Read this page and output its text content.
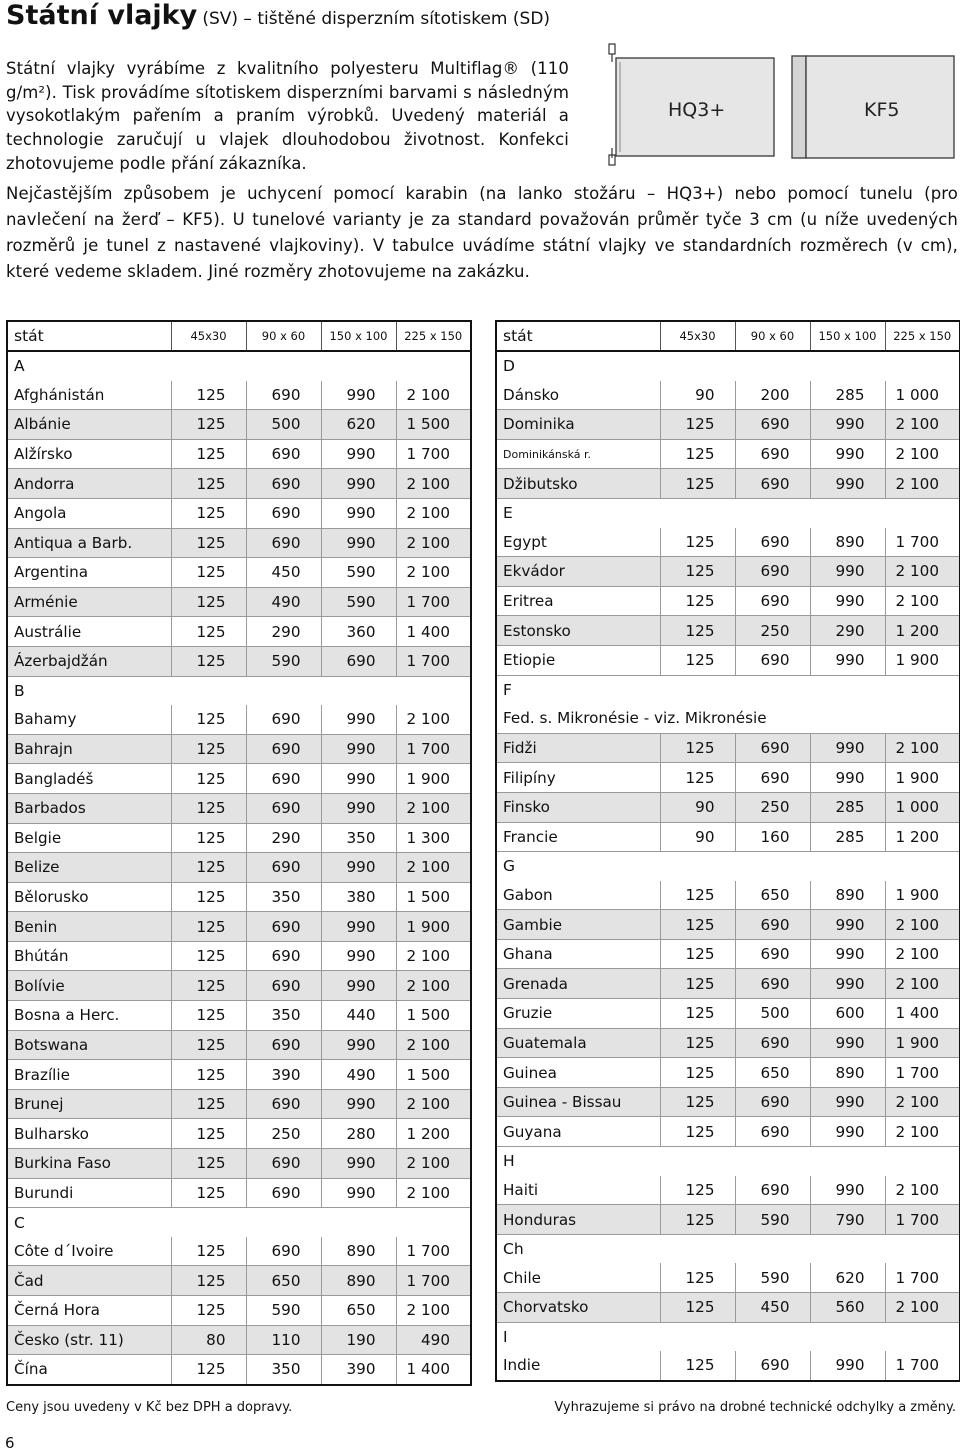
Státní vlajky (SV) – tištěné disperzním sítotiskem (SD)
Státní vlajky vyrábíme z kvalitního polyesteru Multiflag® (110 g/m²). Tisk provádíme sítotiskem disperzními barvami s následným vysokotlakým pařením a praním výrobků. Uvedený materiál a technologie zaručují u vlajek dlouhodobou životnost. Konfekci zhotovujeme podle přání zákazníka.
HQ3+	KF5
Nejčastějším způsobem je uchycení pomocí karabin (na lanko stožáru – HQ3+) nebo pomocí tunelu (pro navlečení na žerď – KF5). U tunelové varianty je za standard považován průměr tyče 3 cm (u níže uvedených rozměrů je tunel z nastavené vlajkoviny). V tabulce uvádíme státní vlajky ve standardních rozměrech (v cm), které vedeme skladem. Jiné rozměry zhotovujeme na zakázku.
stát	45x30	90 x 60	150 x 100	225 x 150
A				
Afghánistán	125	690	990	2 100
Albánie	125	500	620	1 500
Alžírsko	125	690	990	1 700
Andorra	125	690	990	2 100
Angola	125	690	990	2 100
Antiqua a Barb.	125	690	990	2 100
Argentina	125	450	590	2 100
Arménie	125	490	590	1 700
Austrálie	125	290	360	1 400
Ázerbajdžán	125	590	690	1 700
B				
Bahamy	125	690	990	2 100
Bahrajn	125	690	990	1 700
Bangladéš	125	690	990	1 900
Barbados	125	690	990	2 100
Belgie	125	290	350	1 300
Belize	125	690	990	2 100
Bělorusko	125	350	380	1 500
Benin	125	690	990	1 900
Bhútán	125	690	990	2 100
Bolívie	125	690	990	2 100
Bosna a Herc.	125	350	440	1 500
Botswana	125	690	990	2 100
Brazílie	125	390	490	1 500
Brunej	125	690	990	2 100
Bulharsko	125	250	280	1 200
Burkina Faso	125	690	990	2 100
Burundi	125	690	990	2 100
C				
Côte d´Ivoire	125	690	890	1 700
Čad	125	650	890	1 700
Černá Hora	125	590	650	2 100
Česko (str. 11)	80	110	190	490
Čína	125	350	390	1 400
stát	45x30	90 x 60	150 x 100	225 x 150
D				
Dánsko	90	200	285	1 000
Dominika	125	690	990	2 100
Dominikánská r.	125	690	990	2 100
Džibutsko	125	690	990	2 100
E				
Egypt	125	690	890	1 700
Ekvádor	125	690	990	2 100
Eritrea	125	690	990	2 100
Estonsko	125	250	290	1 200
Etiopie	125	690	990	1 900
F				
Fed. s. Mikronésie - viz. Mikronésie				
Fidži	125	690	990	2 100
Filipíny	125	690	990	1 900
Finsko	90	250	285	1 000
Francie	90	160	285	1 200
G				
Gabon	125	650	890	1 900
Gambie	125	690	990	2 100
Ghana	125	690	990	2 100
Grenada	125	690	990	2 100
Gruzie	125	500	600	1 400
Guatemala	125	690	990	1 900
Guinea	125	650	890	1 700
Guinea - Bissau	125	690	990	2 100
Guyana	125	690	990	2 100
H				
Haiti	125	690	990	2 100
Honduras	125	590	790	1 700
Ch				
Chile	125	590	620	1 700
Chorvatsko	125	450	560	2 100
I				
Indie	125	690	990	1 700
Ceny jsou uvedeny v Kč bez DPH a dopravy.	Vyhrazujeme si právo na drobné technické odchylky a změny.
6
